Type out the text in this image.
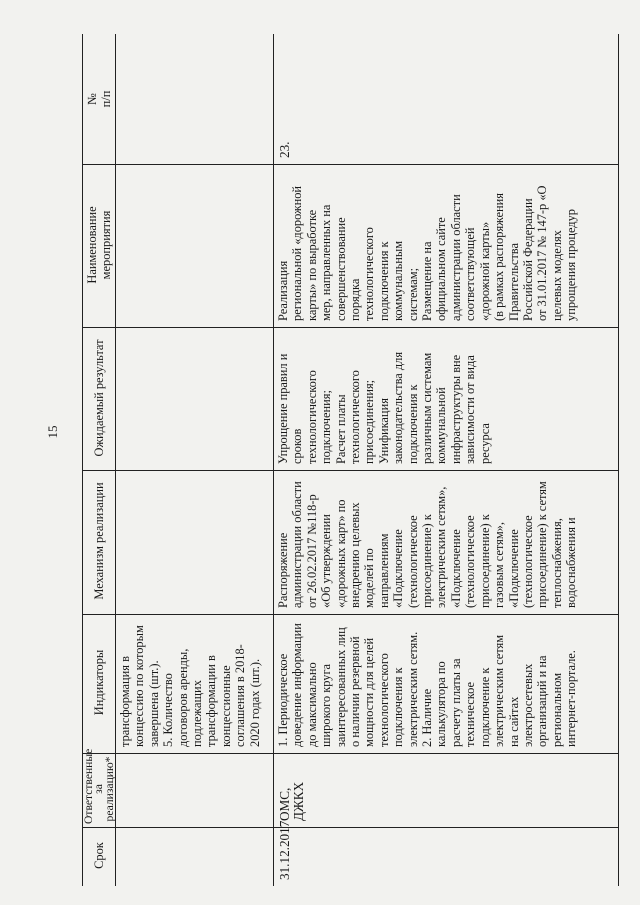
15

№ п/п

Наименование мероприятия

Ожидаемый результат

Механизм реализации

Индикаторы

Ответственные

за

реализацию*

Срок

трансформация в концессию по которым завершена (шт.). 5. Количество договоров аренды, подлежащих трансформации в концессионные соглашения в 2018- 2020 годах (шт.).

23.

Реализация региональной «дорожной карты» по выработке мер, направленных на совершенствование порядка технологического подключения к коммунальным системам; Размещение на официальном сайте администрации области соответствующей «дорожной карты» (в рамках распоряжения Правительства Российской Федерации от 31.01.2017 № 147-р «О целевых моделях упрощения процедур

Упрощение правил и сроков технологического подключения; Расчет платы технологического присоединения; Унификация законодательства для подключения к различным системам коммунальной инфраструктуры вне зависимости от вида ресурса

Распоряжение администрации области от 26.02.2017 №118-р «Об утверждении «дорожных карт» по внедрению целевых моделей по направлениям «Подключение (технологическое присоединение) к электрическим сетям», «Подключение (технологическое присоединение) к газовым сетям», «Подключение (технологическое присоединение) к сетям теплоснабжения, водоснабжения и

1. Периодическое доведение информации до максимально широкого круга заинтересованных лиц о наличии резервной мощности для целей технологического подключения к электрическим сетям. 2. Наличие калькулятора по расчету платы за техническое подключение к электрическим сетям на сайтах электросетевых организаций и на региональном интернет-портале.

ОМС, ДЖКХ

31.12.2017
